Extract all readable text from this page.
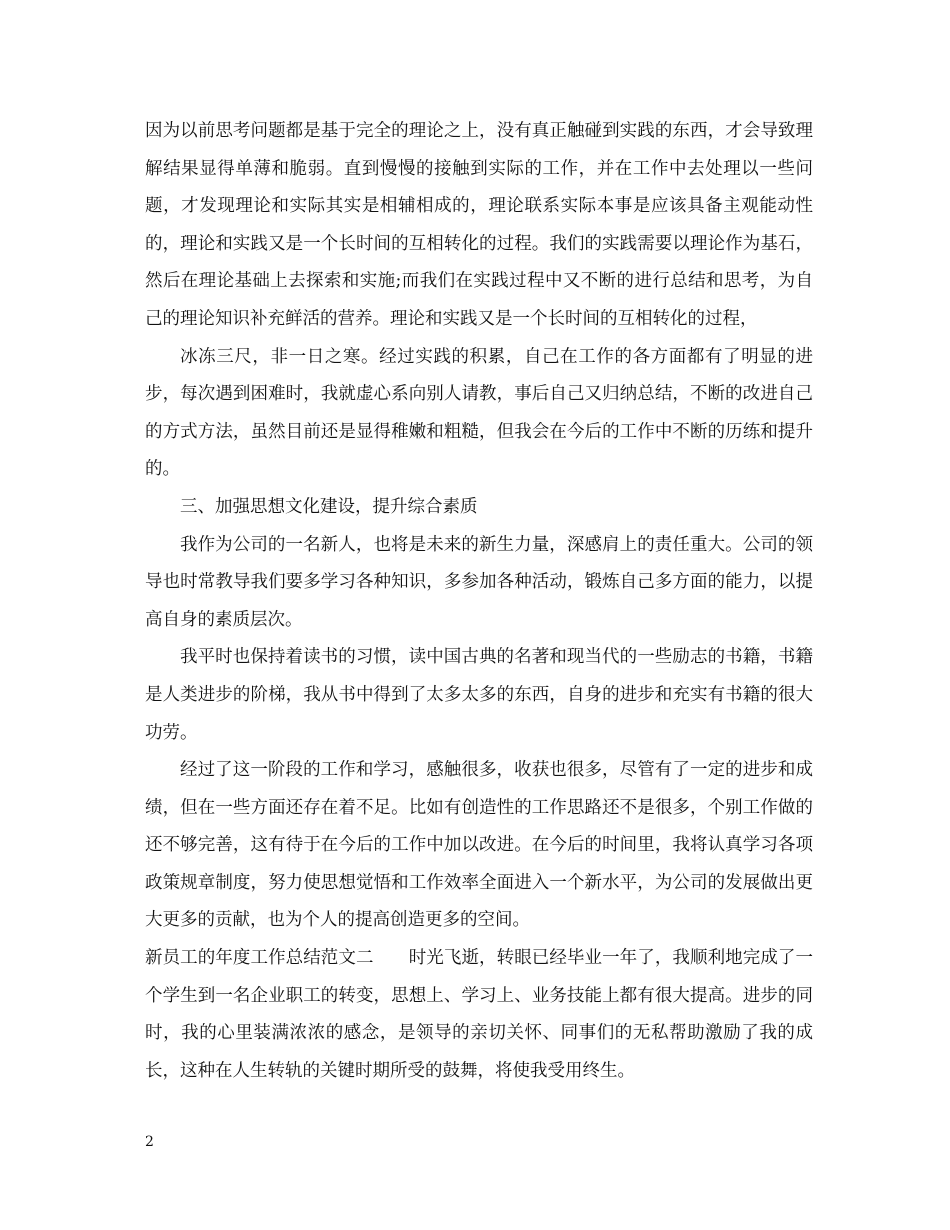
因为以前思考问题都是基于完全的理论之上，没有真正触碰到实践的东西，才会导致理解结果显得单薄和脆弱。直到慢慢的接触到实际的工作，并在工作中去处理以一些问题，才发现理论和实际其实是相辅相成的，理论联系实际本事是应该具备主观能动性的，理论和实践又是一个长时间的互相转化的过程。我们的实践需要以理论作为基石，然后在理论基础上去探索和实施;而我们在实践过程中又不断的进行总结和思考，为自己的理论知识补充鲜活的营养。理论和实践又是一个长时间的互相转化的过程，

冰冻三尺，非一日之寒。经过实践的积累，自己在工作的各方面都有了明显的进步，每次遇到困难时，我就虚心系向别人请教，事后自己又归纳总结，不断的改进自己的方式方法，虽然目前还是显得稚嫩和粗糙，但我会在今后的工作中不断的历练和提升的。

三、加强思想文化建设，提升综合素质

我作为公司的一名新人，也将是未来的新生力量，深感肩上的责任重大。公司的领导也时常教导我们要多学习各种知识，多参加各种活动，锻炼自己多方面的能力，以提高自身的素质层次。

我平时也保持着读书的习惯，读中国古典的名著和现当代的一些励志的书籍，书籍是人类进步的阶梯，我从书中得到了太多太多的东西，自身的进步和充实有书籍的很大功劳。

经过了这一阶段的工作和学习，感触很多，收获也很多，尽管有了一定的进步和成绩，但在一些方面还存在着不足。比如有创造性的工作思路还不是很多，个别工作做的还不够完善，这有待于在今后的工作中加以改进。在今后的时间里，我将认真学习各项政策规章制度，努力使思想觉悟和工作效率全面进入一个新水平，为公司的发展做出更大更多的贡献，也为个人的提高创造更多的空间。

新员工的年度工作总结范文二　　时光飞逝，转眼已经毕业一年了，我顺利地完成了一个学生到一名企业职工的转变，思想上、学习上、业务技能上都有很大提高。进步的同时，我的心里装满浓浓的感念，是领导的亲切关怀、同事们的无私帮助激励了我的成长，这种在人生转轨的关键时期所受的鼓舞，将使我受用终生。

2
